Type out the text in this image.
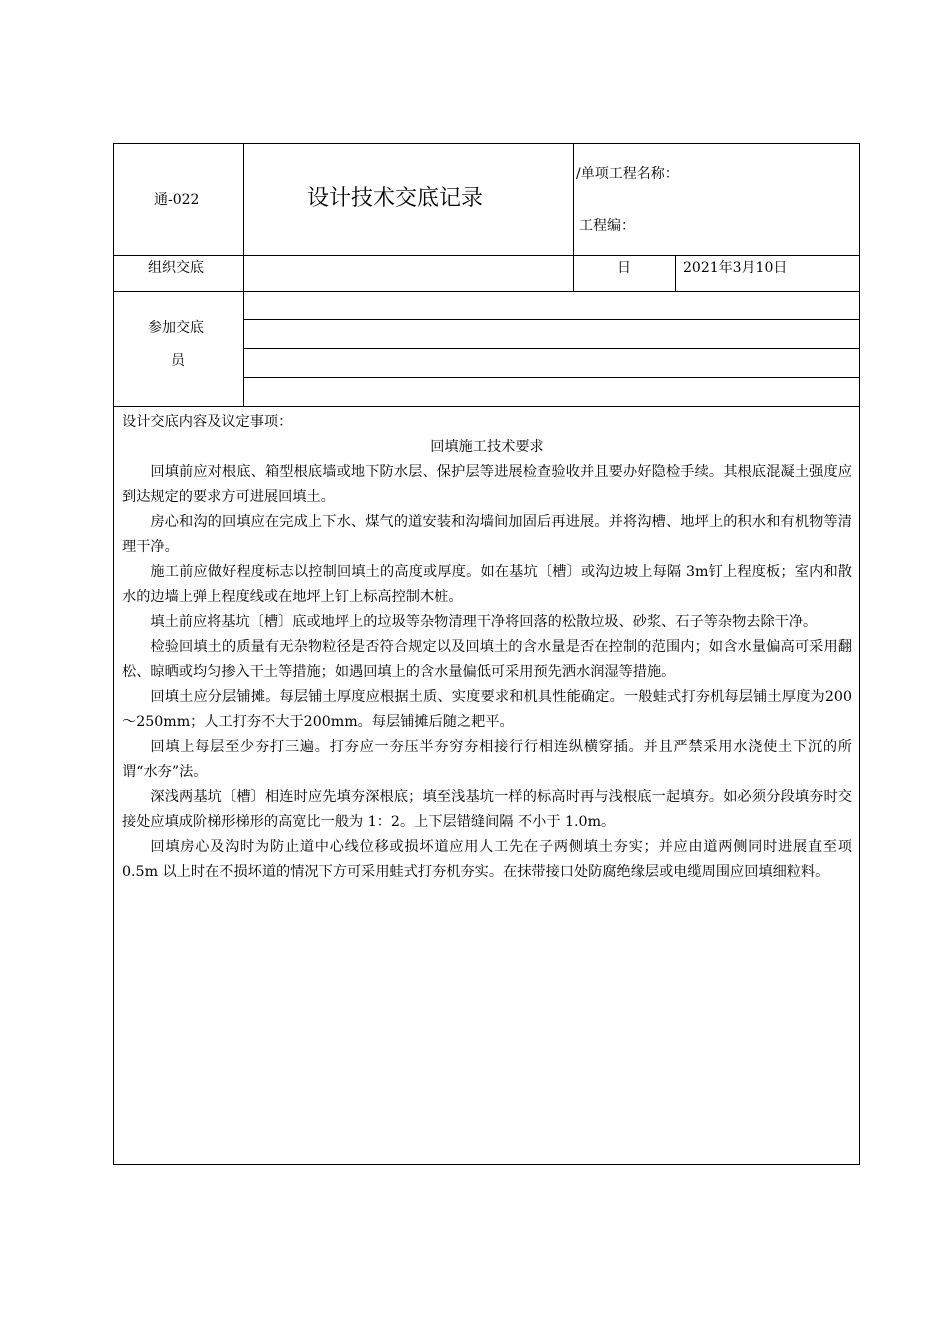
通-022	设计技术交底记录
/单项工程名称：
工程编：
组织交底	日	2021年3月10日
参加交底
员
设计交底内容及议定事项：
回填施工技术要求

回填前应对根底、箱型根底墙或地下防水层、保护层等进展检查验收并且要办好隐检手续。其根底混凝土强度应到达规定的要求方可进展回填土。

房心和沟的回填应在完成上下水、煤气的道安装和沟墙间加固后再进展。并将沟槽、地坪上的积水和有机物等清理干净。

施工前应做好程度标志以控制回填土的高度或厚度。如在基坑〔槽〕或沟边坡上每隔 3m钉上程度板；室内和散水的边墙上弹上程度线或在地坪上钉上标高控制木桩。

填土前应将基坑〔槽〕底或地坪上的垃圾等杂物清理干净将回落的松散垃圾、砂浆、石子等杂物去除干净。

检验回填土的质量有无杂物粒径是否符合规定以及回填土的含水量是否在控制的范围内；如含水量偏高可采用翻松、晾晒或均匀掺入干土等措施；如遇回填上的含水量偏低可采用预先洒水润湿等措施。

回填土应分层铺摊。每层铺土厚度应根据土质、实度要求和机具性能确定。一般蛙式打夯机每层铺土厚度为200～250mm；人工打夯不大于200mm。每层铺摊后随之耙平。

回填上每层至少夯打三遍。打夯应一夯压半夯穷夯相接行行相连纵横穿插。并且严禁采用水浇使土下沉的所谓“水夯”法。

深浅两基坑〔槽〕相连时应先填夯深根底；填至浅基坑一样的标高时再与浅根底一起填夯。如必须分段填夯时交接处应填成阶梯形梯形的高宽比一般为 1：2。上下层错缝间隔 不小于 1.0m。

回填房心及沟时为防止道中心线位移或损坏道应用人工先在子两侧填土夯实；并应由道两侧同时进展直至项 0.5m 以上时在不损坏道的情况下方可采用蛙式打夯机夯实。在抹带接口处防腐绝缘层或电缆周围应回填细粒料。
